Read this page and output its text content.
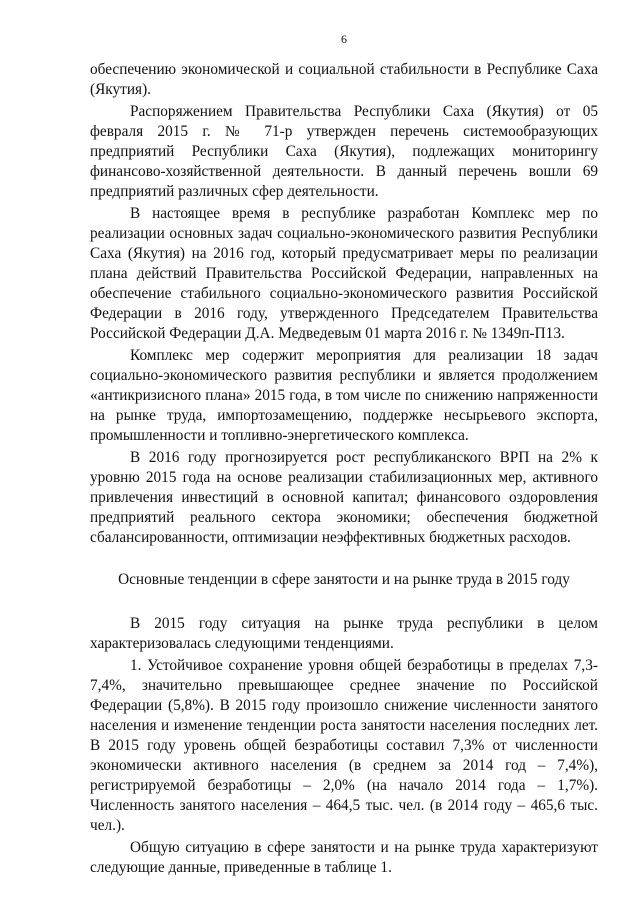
6

обеспечению экономической и социальной стабильности в Республике Саха (Якутия).

Распоряжением Правительства Республики Саха (Якутия) от 05 февраля 2015 г. № 71-р утвержден перечень системообразующих предприятий Республики Саха (Якутия), подлежащих мониторингу финансово-хозяйственной деятельности. В данный перечень вошли 69 предприятий различных сфер деятельности.

В настоящее время в республике разработан Комплекс мер по реализации основных задач социально-экономического развития Республики Саха (Якутия) на 2016 год, который предусматривает меры по реализации плана действий Правительства Российской Федерации, направленных на обеспечение стабильного социально-экономического развития Российской Федерации в 2016 году, утвержденного Председателем Правительства Российской Федерации Д.А. Медведевым 01 марта 2016 г. № 1349п-П13.

Комплекс мер содержит мероприятия для реализации 18 задач социально-экономического развития республики и является продолжением «антикризисного плана» 2015 года, в том числе по снижению напряженности на рынке труда, импортозамещению, поддержке несырьевого экспорта, промышленности и топливно-энергетического комплекса.

В 2016 году прогнозируется рост республиканского ВРП на 2% к уровню 2015 года на основе реализации стабилизационных мер, активного привлечения инвестиций в основной капитал; финансового оздоровления предприятий реального сектора экономики; обеспечения бюджетной сбалансированности, оптимизации неэффективных бюджетных расходов.

Основные тенденции в сфере занятости и на рынке труда в 2015 году

В 2015 году ситуация на рынке труда республики в целом характеризовалась следующими тенденциями.

1. Устойчивое сохранение уровня общей безработицы в пределах 7,3-7,4%, значительно превышающее среднее значение по Российской Федерации (5,8%). В 2015 году произошло снижение численности занятого населения и изменение тенденции роста занятости населения последних лет. В 2015 году уровень общей безработицы составил 7,3% от численности экономически активного населения (в среднем за 2014 год – 7,4%), регистрируемой безработицы – 2,0% (на начало 2014 года – 1,7%). Численность занятого населения – 464,5 тыс. чел. (в 2014 году – 465,6 тыс. чел.).

Общую ситуацию в сфере занятости и на рынке труда характеризуют следующие данные, приведенные в таблице 1.
